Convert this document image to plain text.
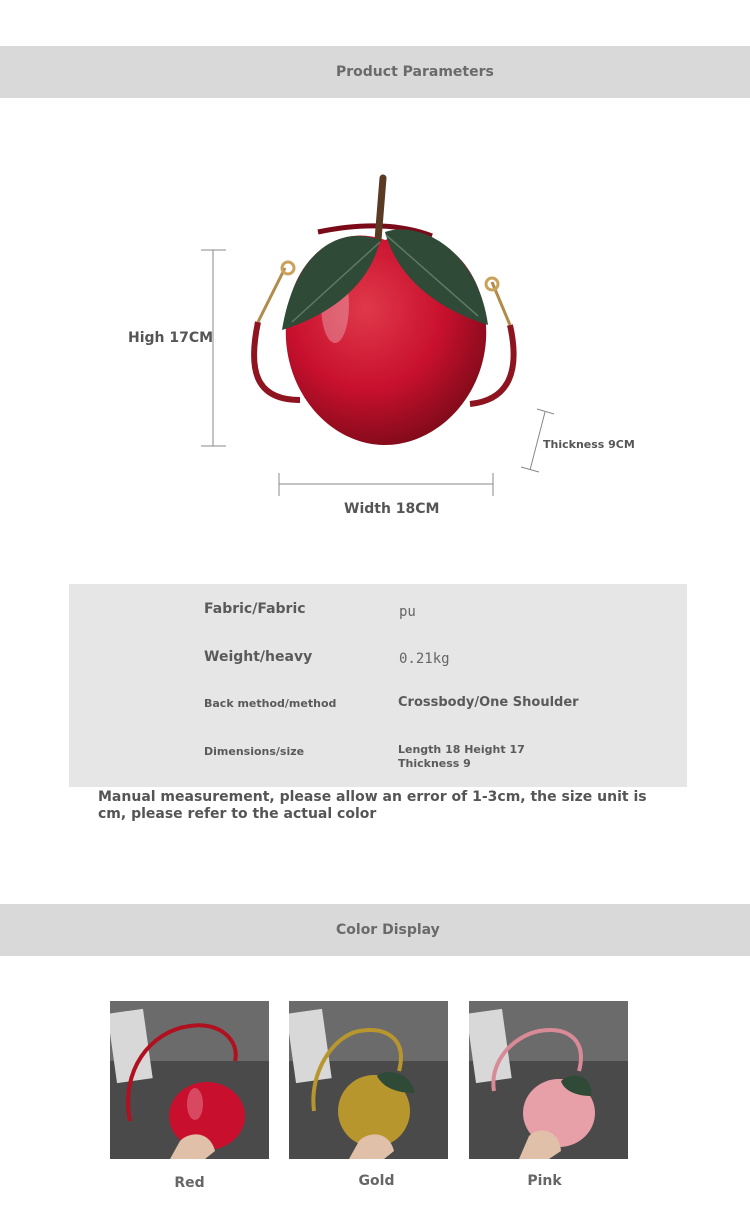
Product Parameters
High 17CM
Width 18CM
Thickness 9CM
Fabric/Fabric	pu
Weight/heavy	0.21kg
Back method/method	Crossbody/One Shoulder
Dimensions/size	Length 18 Height 17
Thickness 9
Manual measurement, please allow an error of 1-3cm, the size unit is cm, please refer to the actual color
Color Display
Red	Gold	Pink
